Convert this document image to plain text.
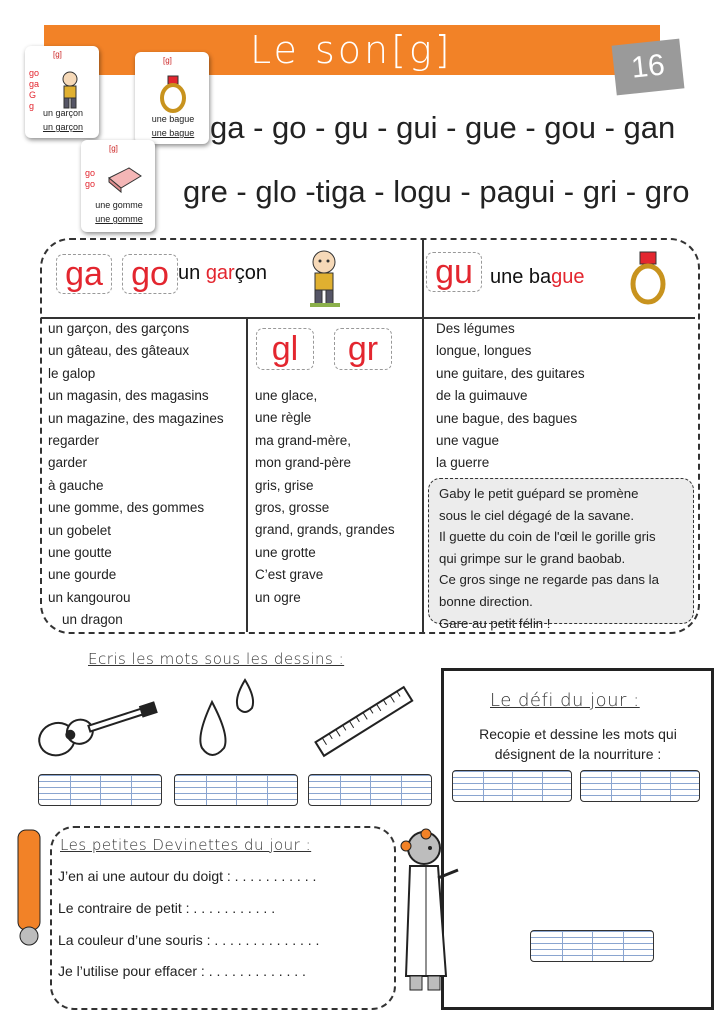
Le son[g]	16
[g]
go
ga
G
g
un garçon
un garçon
[g]
une bague
une bague
[g]
go
go
une gomme
une gomme
ga - go - gu - gui - gue - gou - gan
gre - glo -tiga - logu - pagui - gri - gro
ga go un garçon	gu une bague
gl	gr
un garçon, des garçons
un gâteau, des gâteaux
le galop
un magasin, des magasins
un magazine, des magazines
regarder
garder
à gauche
une gomme, des gommes
un gobelet
une goutte
une gourde
un kangourou
un dragon
une glace,
une règle
ma grand-mère,
mon grand-père
gris, grise
gros, grosse
grand, grands, grandes
une grotte
C’est grave
un ogre
Des légumes
longue, longues
une guitare, des guitares
de la guimauve
une bague, des bagues
une vague
la guerre

Gaby le petit guépard se promène
sous le ciel dégagé de la savane.
Il guette du coin de l'œil le gorille gris
qui grimpe sur le grand baobab.
Ce gros singe ne regarde pas dans la
bonne direction.
Gare au petit félin !

Ecris les mots sous les dessins :
Le défi du jour :
Recopie et dessine les mots qui
désignent de la nourriture :
Les petites Devinettes du jour :
J’en ai une autour du doigt : . . . . . . . . . . .
Le contraire de petit : . . . . . . . . . . .
La couleur d’une souris : . . . . . . . . . . . . . .
Je l’utilise pour effacer : . . . . . . . . . . . . .
